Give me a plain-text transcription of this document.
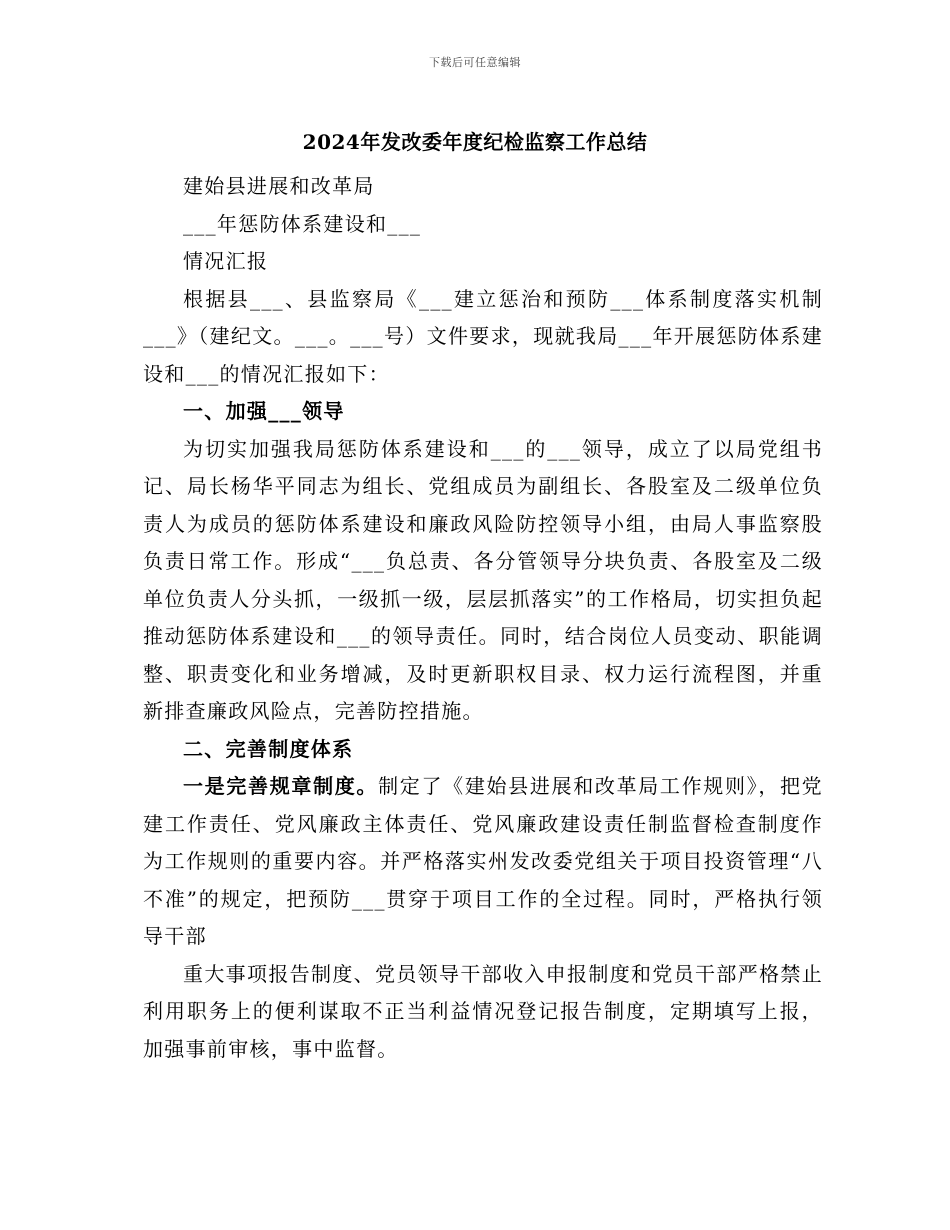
下载后可任意编辑
2024年发改委年度纪检监察工作总结

建始县进展和改革局

___年惩防体系建设和___

情况汇报

根据县___、县监察局《___建立惩治和预防___体系制度落实机制___》（建纪文。___。___号）文件要求，现就我局___年开展惩防体系建设和___的情况汇报如下：

一、加强___领导

为切实加强我局惩防体系建设和___的___领导，成立了以局党组书记、局长杨华平同志为组长、党组成员为副组长、各股室及二级单位负责人为成员的惩防体系建设和廉政风险防控领导小组，由局人事监察股负责日常工作。形成“___负总责、各分管领导分块负责、各股室及二级单位负责人分头抓，一级抓一级，层层抓落实”的工作格局，切实担负起推动惩防体系建设和___的领导责任。同时，结合岗位人员变动、职能调整、职责变化和业务增减，及时更新职权目录、权力运行流程图，并重新排查廉政风险点，完善防控措施。

二、完善制度体系

一是完善规章制度。制定了《建始县进展和改革局工作规则》，把党建工作责任、党风廉政主体责任、党风廉政建设责任制监督检查制度作为工作规则的重要内容。并严格落实州发改委党组关于项目投资管理“八不准”的规定，把预防___贯穿于项目工作的全过程。同时，严格执行领导干部

重大事项报告制度、党员领导干部收入申报制度和党员干部严格禁止利用职务上的便利谋取不正当利益情况登记报告制度，定期填写上报，加强事前审核，事中监督。
